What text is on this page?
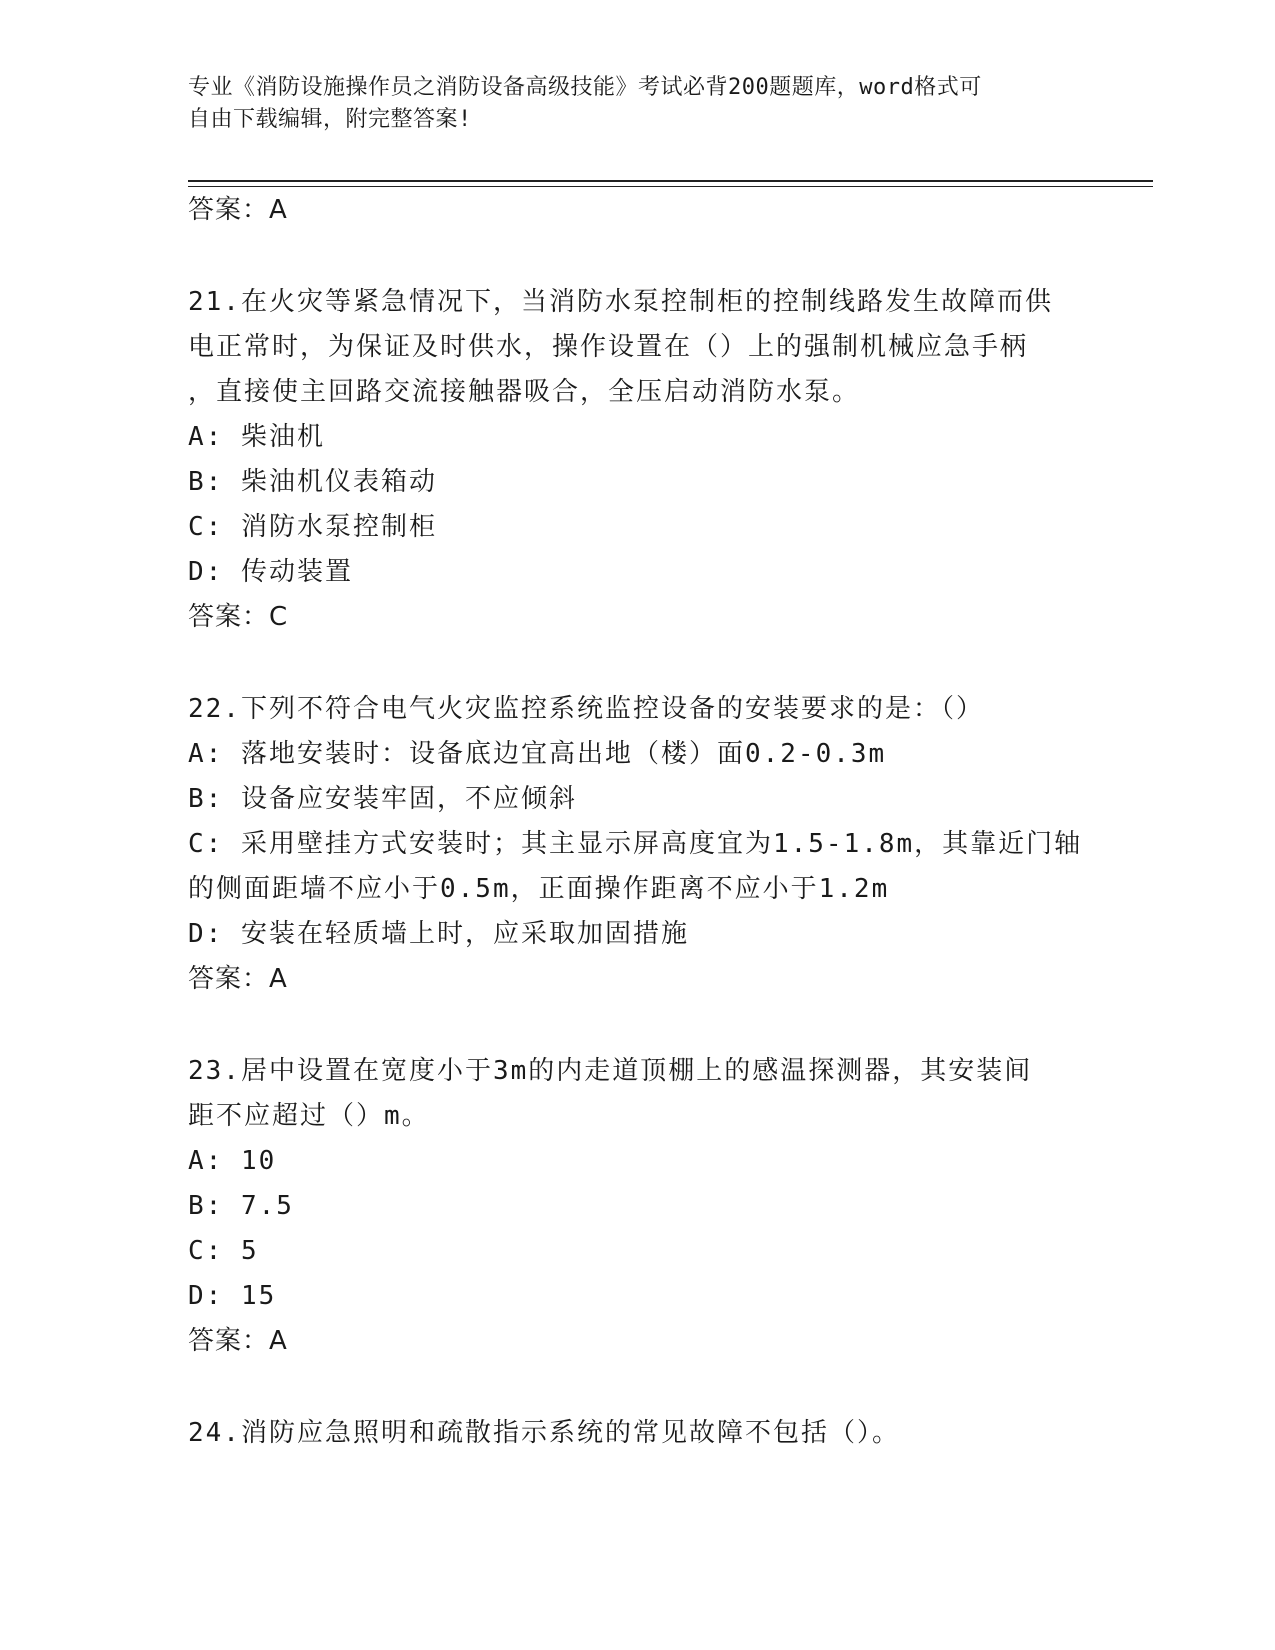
专业《消防设施操作员之消防设备高级技能》考试必背200题题库，word格式可
自由下载编辑，附完整答案!
答案：A
21.在火灾等紧急情况下，当消防水泵控制柜的控制线路发生故障而供
电正常时，为保证及时供水，操作设置在（）上的强制机械应急手柄
，直接使主回路交流接触器吸合，全压启动消防水泵。
A: 柴油机
B: 柴油机仪表箱动
C: 消防水泵控制柜
D: 传动装置
答案：C
22.下列不符合电气火灾监控系统监控设备的安装要求的是：（）
A: 落地安装时：设备底边宜高出地（楼）面0.2-0.3m
B: 设备应安装牢固，不应倾斜
C: 采用壁挂方式安装时；其主显示屏高度宜为1.5-1.8m，其靠近门轴
的侧面距墙不应小于0.5m，正面操作距离不应小于1.2m
D: 安装在轻质墙上时，应采取加固措施
答案：A
23.居中设置在宽度小于3m的内走道顶棚上的感温探测器，其安装间
距不应超过（）m。
A: 10
B: 7.5
C: 5
D: 15
答案：A
24.消防应急照明和疏散指示系统的常见故障不包括（）。
